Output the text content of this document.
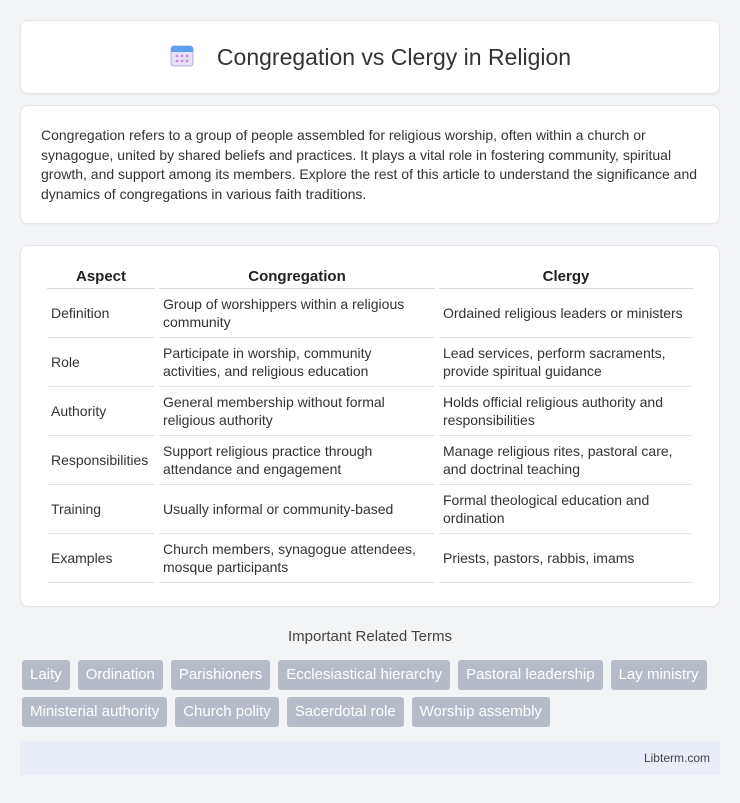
Congregation vs Clergy in Religion

Congregation refers to a group of people assembled for religious worship, often within a church or synagogue, united by shared beliefs and practices. It plays a vital role in fostering community, spiritual growth, and support among its members. Explore the rest of this article to understand the significance and dynamics of congregations in various faith traditions.

Aspect	Congregation	Clergy
Definition	Group of worshippers within a religious community	Ordained religious leaders or ministers
Role	Participate in worship, community activities, and religious education	Lead services, perform sacraments, provide spiritual guidance
Authority	General membership without formal religious authority	Holds official religious authority and responsibilities
Responsibilities	Support religious practice through attendance and engagement	Manage religious rites, pastoral care, and doctrinal teaching
Training	Usually informal or community-based	Formal theological education and ordination
Examples	Church members, synagogue attendees, mosque participants	Priests, pastors, rabbis, imams
Important Related Terms
Laity	Ordination	Parishioners	Ecclesiastical hierarchy	Pastoral leadership	Lay ministry
Ministerial authority	Church polity	Sacerdotal role	Worship assembly
Libterm.com
